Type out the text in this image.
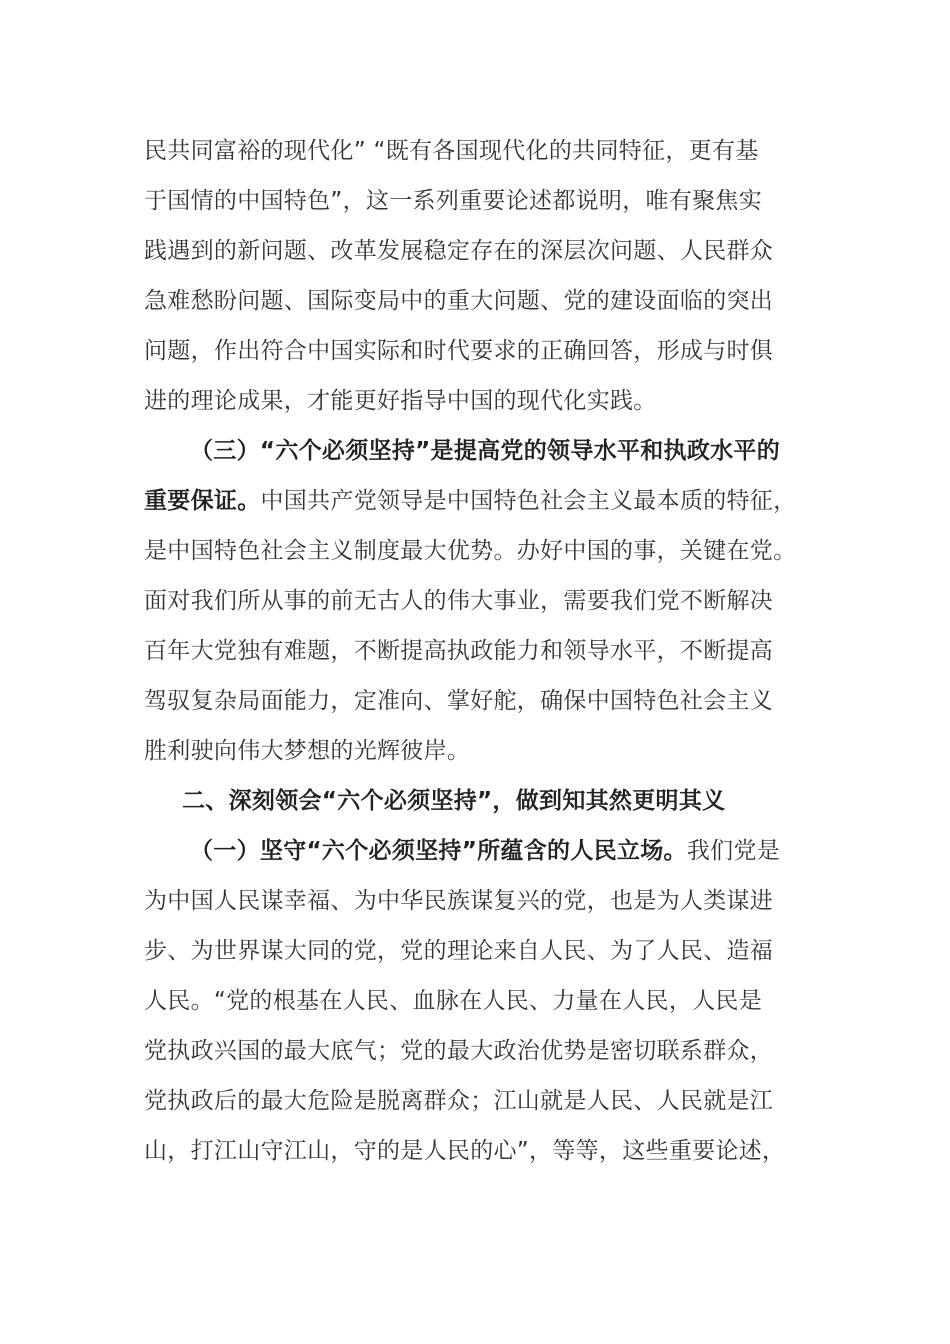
民共同富裕的现代化” “既有各国现代化的共同特征，更有基
于国情的中国特色”，这一系列重要论述都说明，唯有聚焦实
践遇到的新问题、改革发展稳定存在的深层次问题、人民群众
急难愁盼问题、国际变局中的重大问题、党的建设面临的突出
问题，作出符合中国实际和时代要求的正确回答，形成与时俱
进的理论成果，才能更好指导中国的现代化实践。
（三）“六个必须坚持”是提高党的领导水平和执政水平的
重要保证。中国共产党领导是中国特色社会主义最本质的特征，
是中国特色社会主义制度最大优势。办好中国的事，关键在党。
面对我们所从事的前无古人的伟大事业，需要我们党不断解决
百年大党独有难题，不断提高执政能力和领导水平，不断提高
驾驭复杂局面能力，定准向、掌好舵，确保中国特色社会主义
胜利驶向伟大梦想的光辉彼岸。
二、深刻领会“六个必须坚持”，做到知其然更明其义
（一）坚守“六个必须坚持”所蕴含的人民立场。我们党是
为中国人民谋幸福、为中华民族谋复兴的党，也是为人类谋进
步、为世界谋大同的党，党的理论来自人民、为了人民、造福
人民。“党的根基在人民、血脉在人民、力量在人民，人民是
党执政兴国的最大底气；党的最大政治优势是密切联系群众，
党执政后的最大危险是脱离群众；江山就是人民、人民就是江
山，打江山守江山，守的是人民的心”，等等，这些重要论述，
